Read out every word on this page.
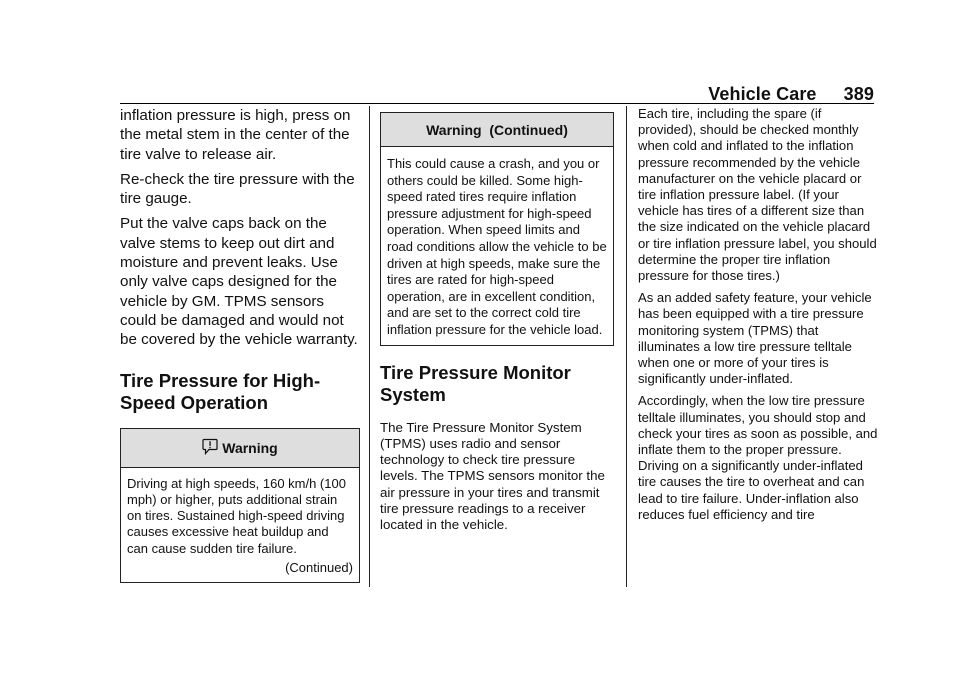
Vehicle Care 389

inflation pressure is high, press on the metal stem in the center of the tire valve to release air.

Re-check the tire pressure with the tire gauge.

Put the valve caps back on the valve stems to keep out dirt and moisture and prevent leaks. Use only valve caps designed for the vehicle by GM. TPMS sensors could be damaged and would not be covered by the vehicle warranty.

Tire Pressure for High-Speed Operation
Warning
Driving at high speeds, 160 km/h (100 mph) or higher, puts additional strain on tires. Sustained high-speed driving causes excessive heat buildup and can cause sudden tire failure.
(Continued)
Warning  (Continued)
This could cause a crash, and you or others could be killed. Some high-speed rated tires require inflation pressure adjustment for high-speed operation. When speed limits and road conditions allow the vehicle to be driven at high speeds, make sure the tires are rated for high-speed operation, are in excellent condition, and are set to the correct cold tire inflation pressure for the vehicle load.
Tire Pressure Monitor System

The Tire Pressure Monitor System (TPMS) uses radio and sensor technology to check tire pressure levels. The TPMS sensors monitor the air pressure in your tires and transmit tire pressure readings to a receiver located in the vehicle.

Each tire, including the spare (if provided), should be checked monthly when cold and inflated to the inflation pressure recommended by the vehicle manufacturer on the vehicle placard or tire inflation pressure label. (If your vehicle has tires of a different size than the size indicated on the vehicle placard or tire inflation pressure label, you should determine the proper tire inflation pressure for those tires.)

As an added safety feature, your vehicle has been equipped with a tire pressure monitoring system (TPMS) that illuminates a low tire pressure telltale when one or more of your tires is significantly under-inflated.

Accordingly, when the low tire pressure telltale illuminates, you should stop and check your tires as soon as possible, and inflate them to the proper pressure. Driving on a significantly under-inflated tire causes the tire to overheat and can lead to tire failure. Under-inflation also reduces fuel efficiency and tire
